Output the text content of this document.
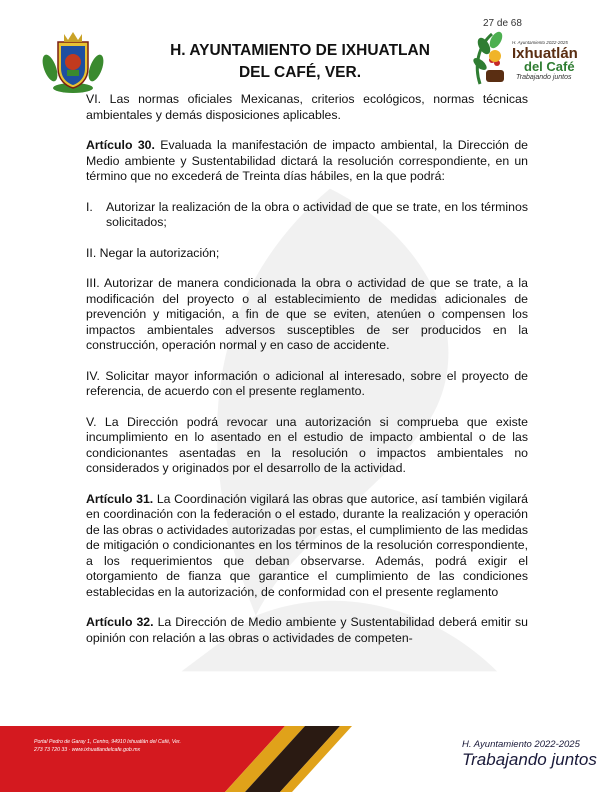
27 de 68
H. AYUNTAMIENTO DE IXHUATLAN
DEL CAFÉ, VER.
H. Ayuntamiento 2022-2025
Ixhuatlán
del Café
Trabajando juntos

VI. Las normas oficiales Mexicanas, criterios ecológicos, normas técnicas ambientales y demás disposiciones aplicables.

Artículo 30. Evaluada la manifestación de impacto ambiental, la Dirección de Medio ambiente y Sustentabilidad dictará la resolución correspondiente, en un término que no excederá de Treinta días hábiles, en la que podrá:

I.	Autorizar la realización de la obra o actividad de que se trate, en los términos solicitados;

II. Negar la autorización;

III. Autorizar de manera condicionada la obra o actividad de que se trate, a la modificación del proyecto o al establecimiento de medidas adicionales de prevención y mitigación, a fin de que se eviten, atenúen o compensen los impactos ambientales adversos susceptibles de ser producidos en la construcción, operación normal y en caso de accidente.

IV. Solicitar mayor información o adicional al interesado, sobre el proyecto de referencia, de acuerdo con el presente reglamento.

V. La Dirección podrá revocar una autorización si comprueba que existe incumplimiento en lo asentado en el estudio de impacto ambiental o de las condicionantes asentadas en la resolución o impactos ambientales no considerados y originados por el desarrollo de la actividad.

Artículo 31. La Coordinación vigilará las obras que autorice, así también vigilará en coordinación con la federación o el estado, durante la realización y operación de las obras o actividades autorizadas por estas, el cumplimiento de las medidas de mitigación o condicionantes en los términos de la resolución correspondiente, a los requerimientos que deban observarse. Además, podrá exigir el otorgamiento de fianza que garantice el cumplimiento de las condiciones establecidas en la autorización, de conformidad con el presente reglamento

Artículo 32. La Dirección de Medio ambiente y Sustentabilidad deberá emitir su opinión con relación a las obras o actividades de competen-

Portal Pedro de Garay 1, Centro, 94910 Ixhuatlán del Café, Ver.
273 73 720 33 · www.ixhuatlandelcafe.gob.mx	H. Ayuntamiento 2022-2025
Trabajando juntos
